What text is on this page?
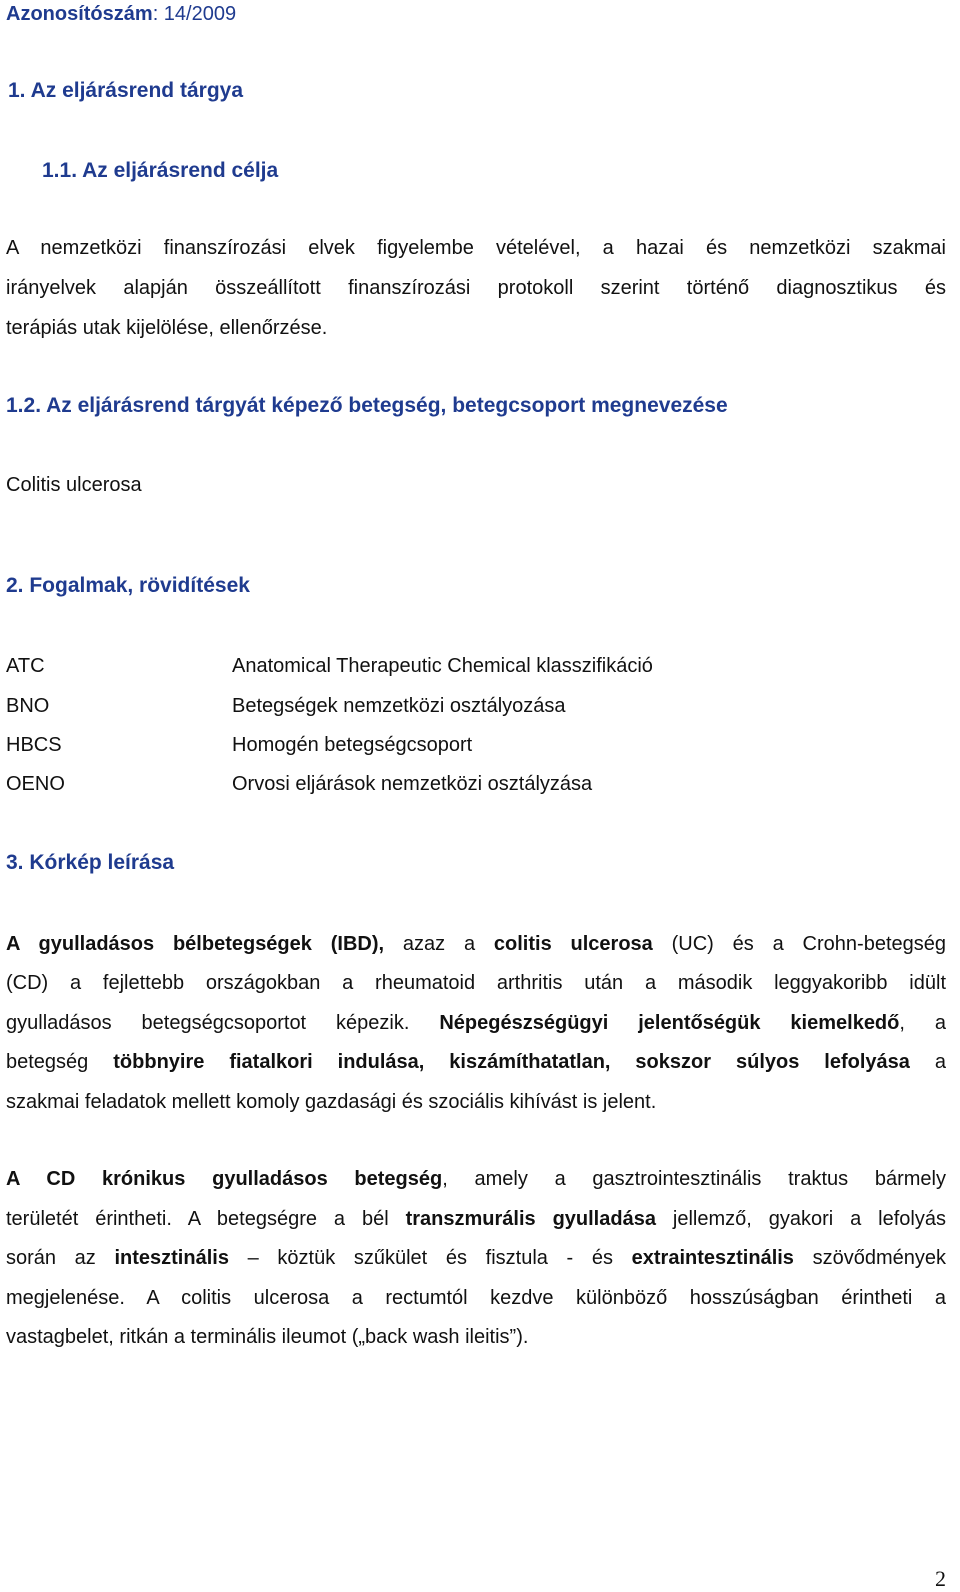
Azonosítószám: 14/2009
1. Az eljárásrend tárgya
1.1. Az eljárásrend célja
A nemzetközi finanszírozási elvek figyelembe vételével, a hazai és nemzetközi szakmai
irányelvek alapján összeállított finanszírozási protokoll szerint történő diagnosztikus és
terápiás utak kijelölése, ellenőrzése.
1.2. Az eljárásrend tárgyát képező betegség, betegcsoport megnevezése
Colitis ulcerosa
2. Fogalmak, rövidítések
ATC	Anatomical Therapeutic Chemical klasszifikáció
BNO	Betegségek nemzetközi osztályozása
HBCS	Homogén betegségcsoport
OENO	Orvosi eljárások nemzetközi osztályzása
3. Kórkép leírása
A gyulladásos bélbetegségek (IBD), azaz a colitis ulcerosa (UC) és a Crohn-betegség
(CD) a fejlettebb országokban a rheumatoid arthritis után a második leggyakoribb idült
gyulladásos betegségcsoportot képezik. Népegészségügyi jelentőségük kiemelkedő, a
betegség többnyire fiatalkori indulása, kiszámíthatatlan, sokszor súlyos lefolyása a
szakmai feladatok mellett komoly gazdasági és szociális kihívást is jelent.
A CD krónikus gyulladásos betegség, amely a gasztrointesztinális traktus bármely
területét érintheti. A betegségre a bél transzmurális gyulladása jellemző, gyakori a lefolyás
során az intesztinális – köztük szűkület és fisztula - és extraintesztinális szövődmények
megjelenése. A colitis ulcerosa a rectumtól kezdve különböző hosszúságban érintheti a
vastagbelet, ritkán a terminális ileumot („back wash ileitis”).
2
